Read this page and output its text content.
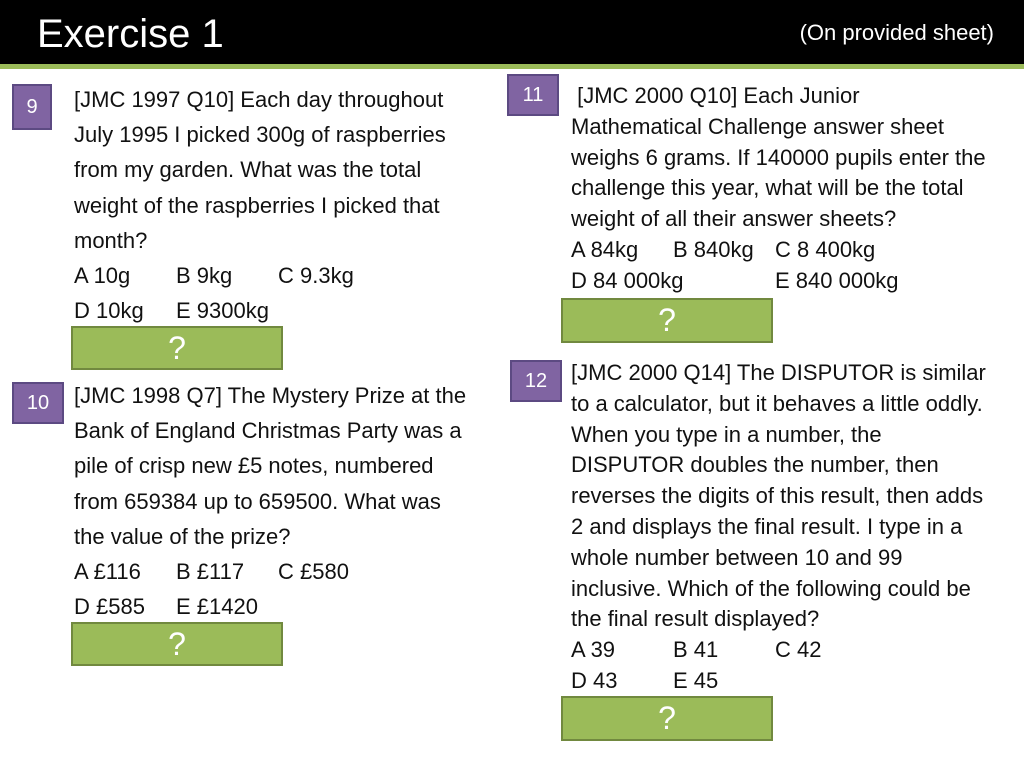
Exercise 1	(On provided sheet)
9	[JMC 1997 Q10] Each day throughout

July 1995 I picked 300g of raspberries

from my garden. What was the total

weight of the raspberries I picked that

month?

A 10g B 9kg C 9.3kg

D 10kg E 9300kg

?
10	[JMC 1998 Q7] The Mystery Prize at the

Bank of England Christmas Party was a

pile of crisp new £5 notes, numbered

from 659384 up to 659500. What was

the value of the prize?

A £116 B £117 C £580

D £585 E £1420

?
11	[JMC 2000 Q10] Each Junior

Mathematical Challenge answer sheet

weighs 6 grams. If 140000 pupils enter the

challenge this year, what will be the total

weight of all their answer sheets?

A 84kg B 840kg C 8 400kg

D 84 000kg	E 840 000kg

?
12	[JMC 2000 Q14] The DISPUTOR is similar

to a calculator, but it behaves a little oddly.

When you type in a number, the

DISPUTOR doubles the number, then

reverses the digits of this result, then adds

2 and displays the final result. I type in a

whole number between 10 and 99

inclusive. Which of the following could be

the final result displayed?

A 39	B 41	C 42

D 43	E 45

?
